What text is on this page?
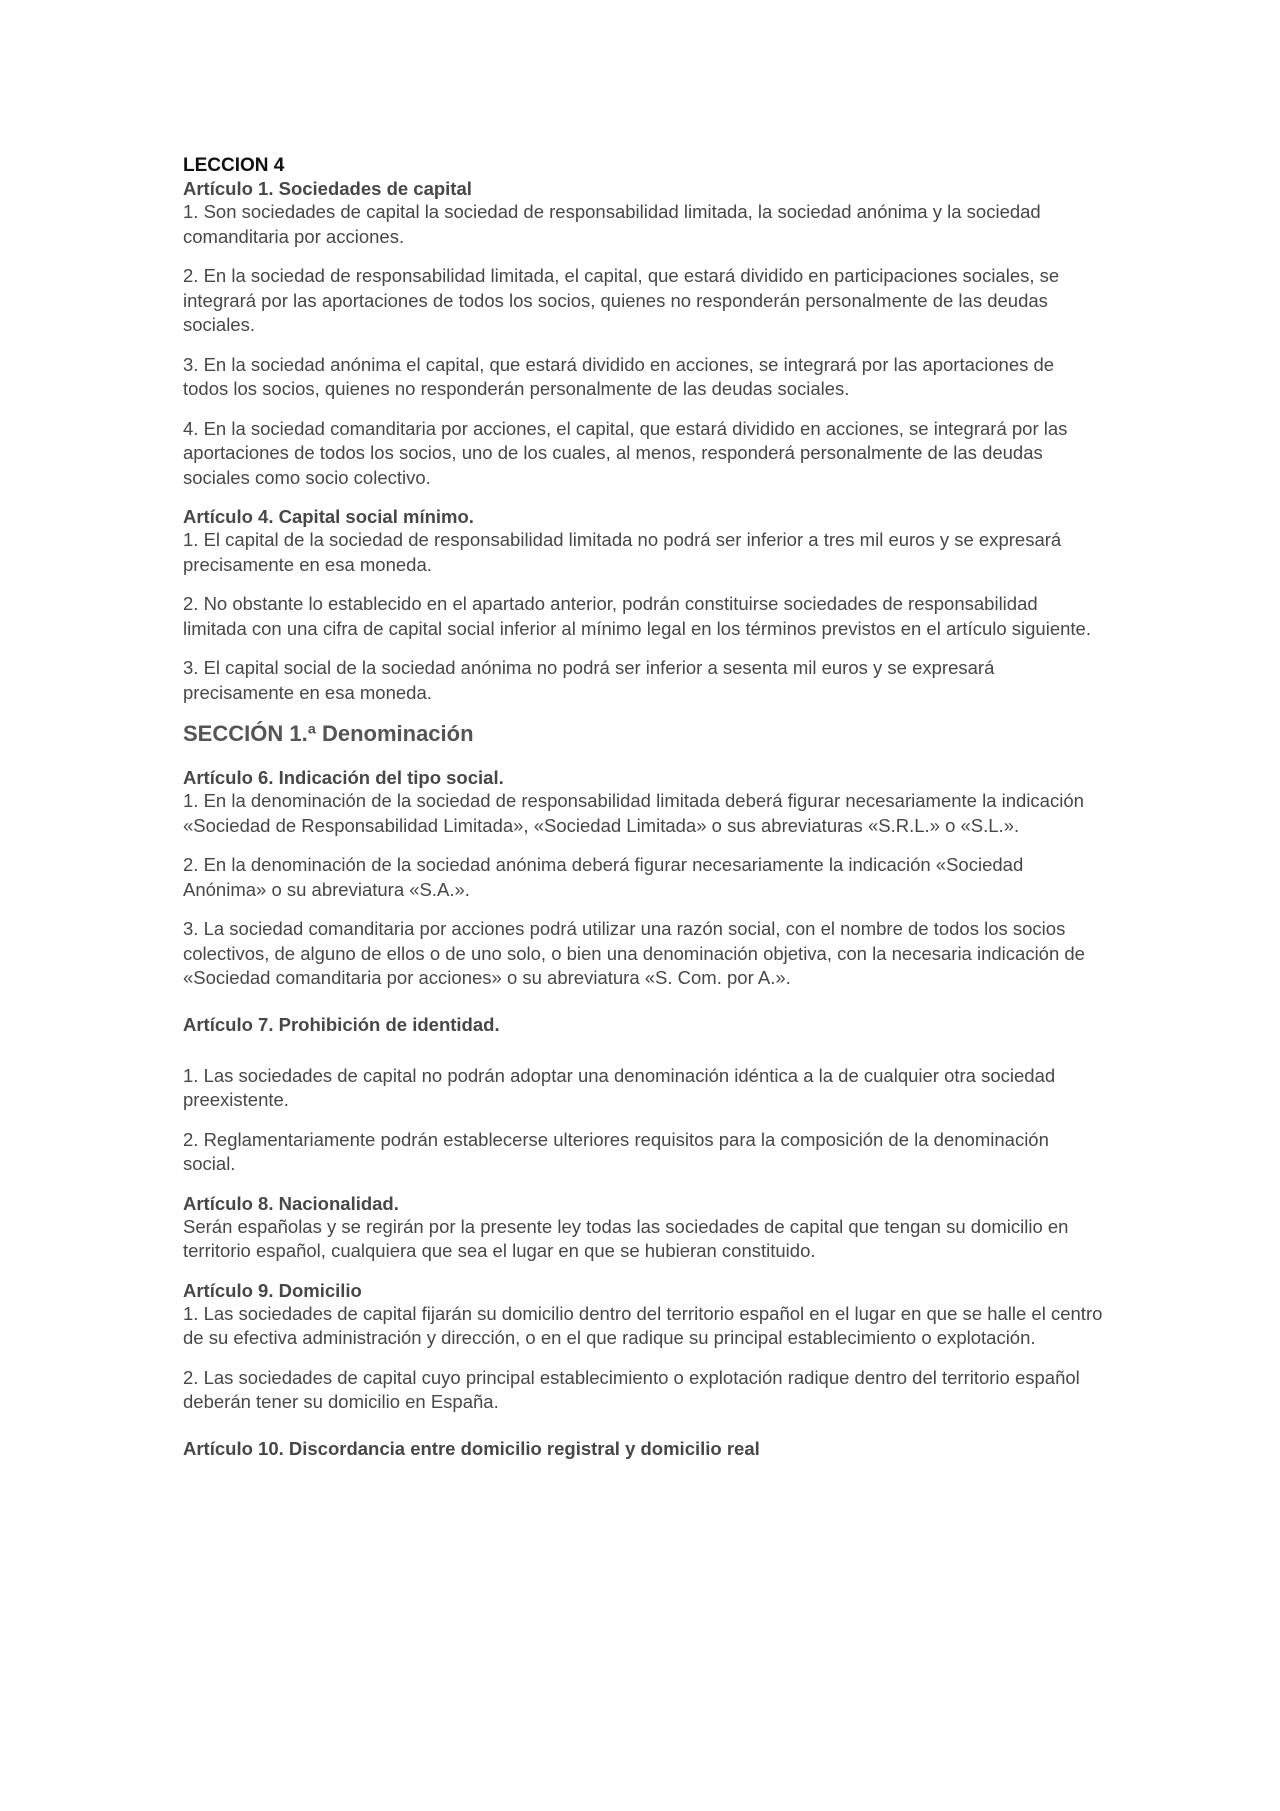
LECCION 4
Artículo 1. Sociedades de capital

1. Son sociedades de capital la sociedad de responsabilidad limitada, la sociedad anónima y la sociedad comanditaria por acciones.

2. En la sociedad de responsabilidad limitada, el capital, que estará dividido en participaciones sociales, se integrará por las aportaciones de todos los socios, quienes no responderán personalmente de las deudas sociales.

3. En la sociedad anónima el capital, que estará dividido en acciones, se integrará por las aportaciones de todos los socios, quienes no responderán personalmente de las deudas sociales.

4. En la sociedad comanditaria por acciones, el capital, que estará dividido en acciones, se integrará por las aportaciones de todos los socios, uno de los cuales, al menos, responderá personalmente de las deudas sociales como socio colectivo.

Artículo 4. Capital social mínimo.

1. El capital de la sociedad de responsabilidad limitada no podrá ser inferior a tres mil euros y se expresará precisamente en esa moneda.

2. No obstante lo establecido en el apartado anterior, podrán constituirse sociedades de responsabilidad limitada con una cifra de capital social inferior al mínimo legal en los términos previstos en el artículo siguiente.

3. El capital social de la sociedad anónima no podrá ser inferior a sesenta mil euros y se expresará precisamente en esa moneda.

SECCIÓN 1.ª Denominación
Artículo 6. Indicación del tipo social.

1. En la denominación de la sociedad de responsabilidad limitada deberá figurar necesariamente la indicación «Sociedad de Responsabilidad Limitada», «Sociedad Limitada» o sus abreviaturas «S.R.L.» o «S.L.».

2. En la denominación de la sociedad anónima deberá figurar necesariamente la indicación «Sociedad Anónima» o su abreviatura «S.A.».

3. La sociedad comanditaria por acciones podrá utilizar una razón social, con el nombre de todos los socios colectivos, de alguno de ellos o de uno solo, o bien una denominación objetiva, con la necesaria indicación de «Sociedad comanditaria por acciones» o su abreviatura «S. Com. por A.».

Artículo 7. Prohibición de identidad.

1. Las sociedades de capital no podrán adoptar una denominación idéntica a la de cualquier otra sociedad preexistente.

2. Reglamentariamente podrán establecerse ulteriores requisitos para la composición de la denominación social.

Artículo 8. Nacionalidad.

Serán españolas y se regirán por la presente ley todas las sociedades de capital que tengan su domicilio en territorio español, cualquiera que sea el lugar en que se hubieran constituido.

Artículo 9. Domicilio

1. Las sociedades de capital fijarán su domicilio dentro del territorio español en el lugar en que se halle el centro de su efectiva administración y dirección, o en el que radique su principal establecimiento o explotación.

2. Las sociedades de capital cuyo principal establecimiento o explotación radique dentro del territorio español deberán tener su domicilio en España.

Artículo 10. Discordancia entre domicilio registral y domicilio real
